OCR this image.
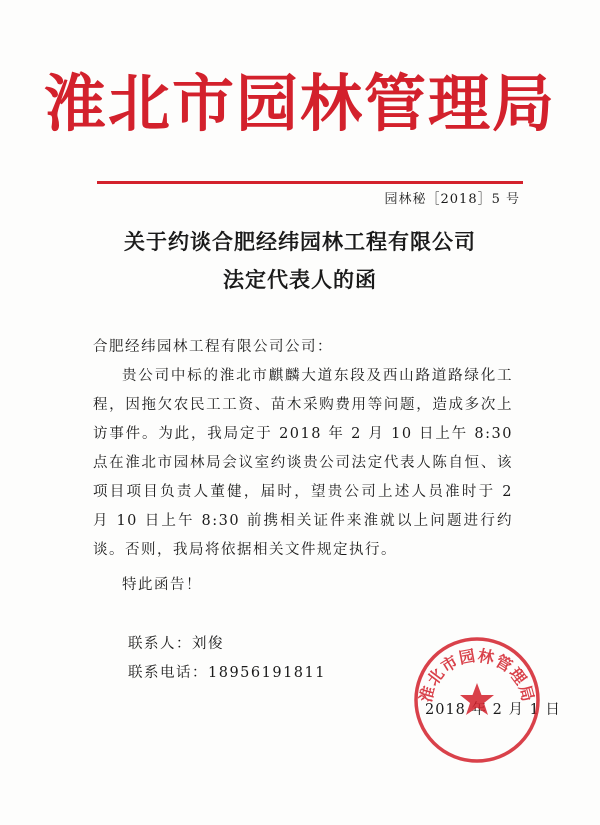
淮北市园林管理局
园林秘［2018］5 号
关于约谈合肥经纬园林工程有限公司
法定代表人的函
合肥经纬园林工程有限公司公司：
贵公司中标的淮北市麒麟大道东段及西山路道路绿化工程，因拖欠农民工工资、苗木采购费用等问题，造成多次上访事件。为此，我局定于 2018 年 2 月 10 日上午 8:30 点在淮北市园林局会议室约谈贵公司法定代表人陈自恒、该项目项目负责人董健，届时，望贵公司上述人员准时于 2 月 10 日上午 8:30 前携相关证件来淮就以上问题进行约谈。否则，我局将依据相关文件规定执行。
特此函告！
联系人：刘俊
联系电话：18956191811
2018 年 2 月 1 日
淮北市园林管理局
